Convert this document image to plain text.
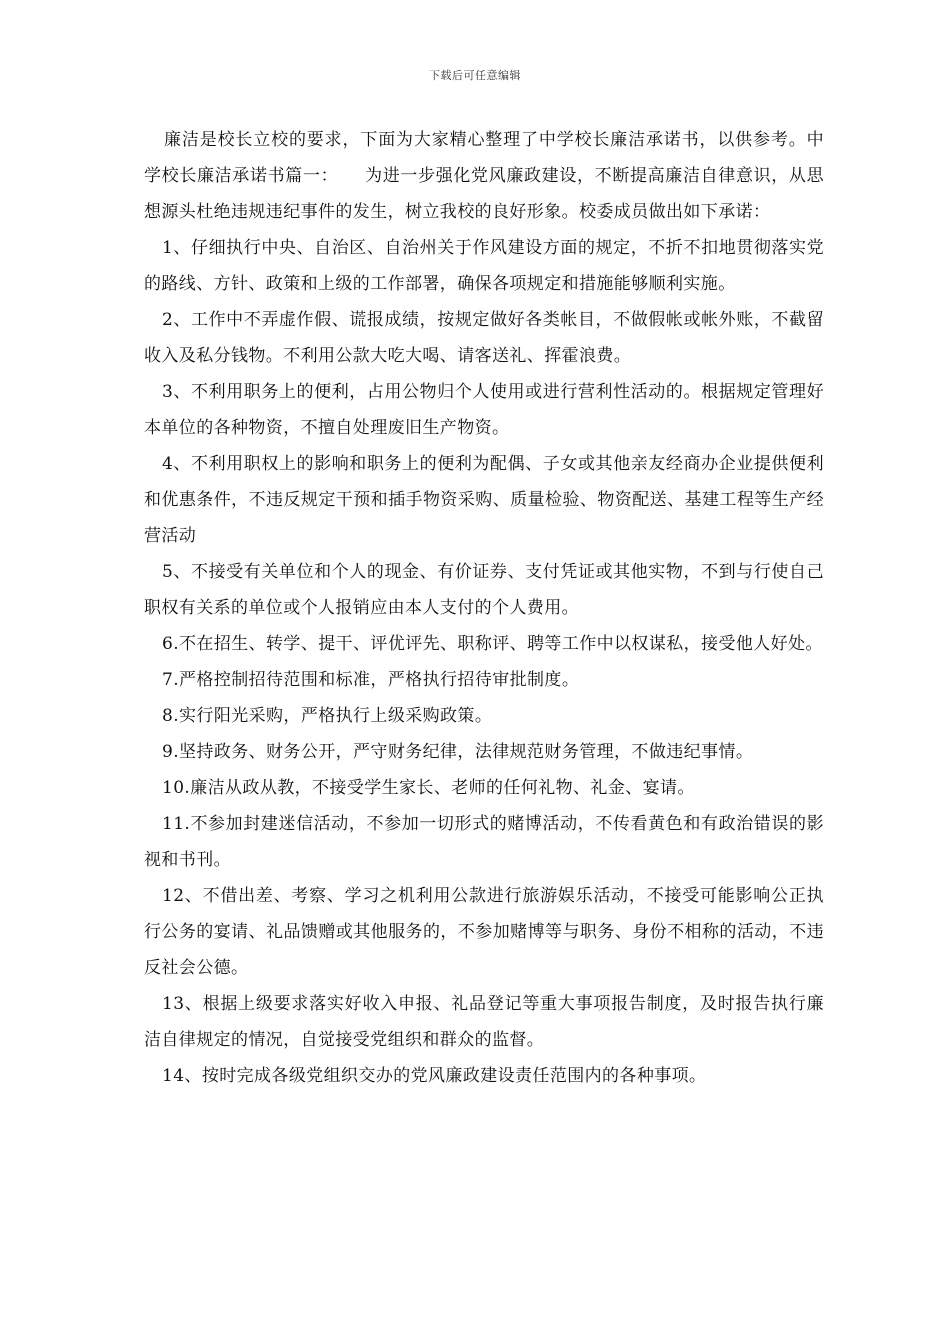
下载后可任意编辑

廉洁是校长立校的要求，下面为大家精心整理了中学校长廉洁承诺书，以供参考。中学校长廉洁承诺书篇一：　　为进一步强化党风廉政建设，不断提高廉洁自律意识，从思想源头杜绝违规违纪事件的发生，树立我校的良好形象。校委成员做出如下承诺：

1、仔细执行中央、自治区、自治州关于作风建设方面的规定，不折不扣地贯彻落实党的路线、方针、政策和上级的工作部署，确保各项规定和措施能够顺利实施。

2、工作中不弄虚作假、谎报成绩，按规定做好各类帐目，不做假帐或帐外账，不截留收入及私分钱物。不利用公款大吃大喝、请客送礼、挥霍浪费。

3、不利用职务上的便利，占用公物归个人使用或进行营利性活动的。根据规定管理好本单位的各种物资，不擅自处理废旧生产物资。

4、不利用职权上的影响和职务上的便利为配偶、子女或其他亲友经商办企业提供便利和优惠条件，不违反规定干预和插手物资采购、质量检验、物资配送、基建工程等生产经营活动

5、不接受有关单位和个人的现金、有价证券、支付凭证或其他实物，不到与行使自己职权有关系的单位或个人报销应由本人支付的个人费用。

6.不在招生、转学、提干、评优评先、职称评、聘等工作中以权谋私，接受他人好处。

7.严格控制招待范围和标准，严格执行招待审批制度。

8.实行阳光采购，严格执行上级采购政策。

9.坚持政务、财务公开，严守财务纪律，法律规范财务管理，不做违纪事情。

10.廉洁从政从教，不接受学生家长、老师的任何礼物、礼金、宴请。

11.不参加封建迷信活动，不参加一切形式的赌博活动，不传看黄色和有政治错误的影视和书刊。

12、不借出差、考察、学习之机利用公款进行旅游娱乐活动，不接受可能影响公正执行公务的宴请、礼品馈赠或其他服务的，不参加赌博等与职务、身份不相称的活动，不违反社会公德。

13、根据上级要求落实好收入申报、礼品登记等重大事项报告制度，及时报告执行廉洁自律规定的情况，自觉接受党组织和群众的监督。

14、按时完成各级党组织交办的党风廉政建设责任范围内的各种事项。
